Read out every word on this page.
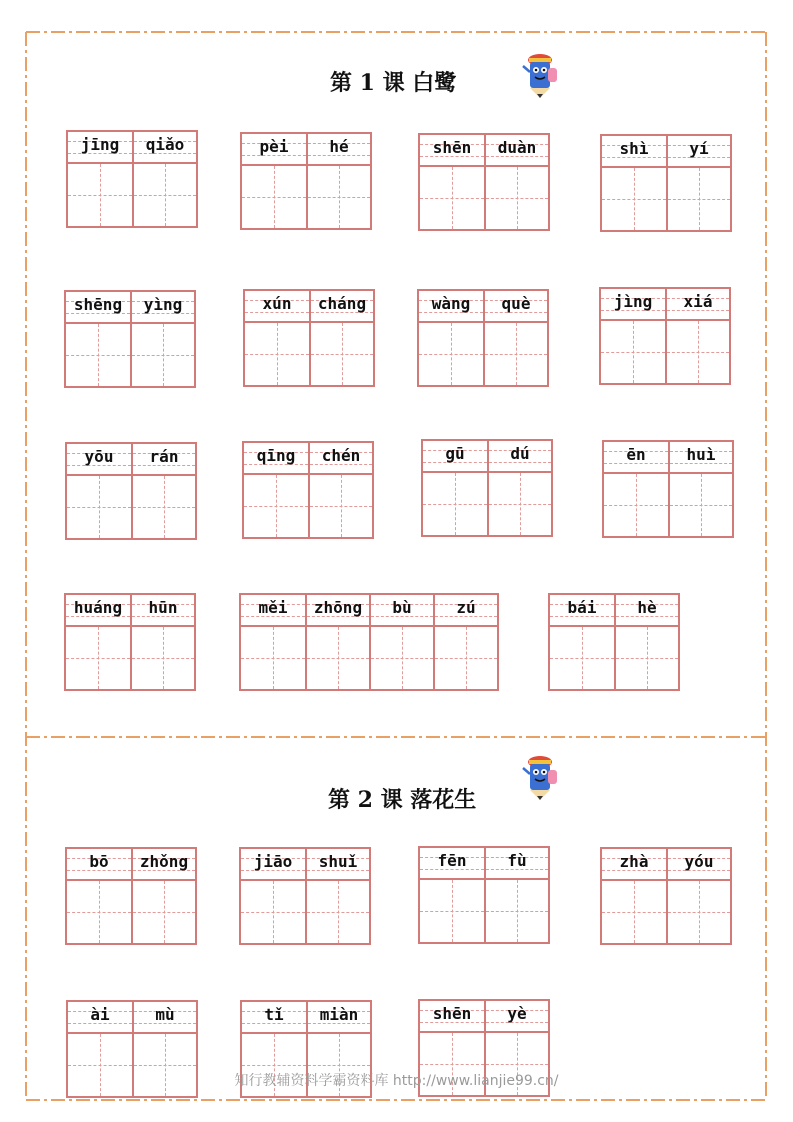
第 1 课 白鹭
第 2 课 落花生
jīng	qiǎo	pèi	hé	shēn	duàn	shì	yí
shēng	yìng	xún	cháng	wàng	què	jìng	xiá
yōu	rán	qīng	chén	gū	dú	ēn	huì
huáng	hūn	měi	zhōng	bù	zú	bái	hè
bō	zhǒng	jiāo	shuǐ	fēn	fù	zhà	yóu
ài	mù	tǐ	miàn	shēn	yè
知行教辅资料学霸资料库 http://www.lianjie99.cn/
